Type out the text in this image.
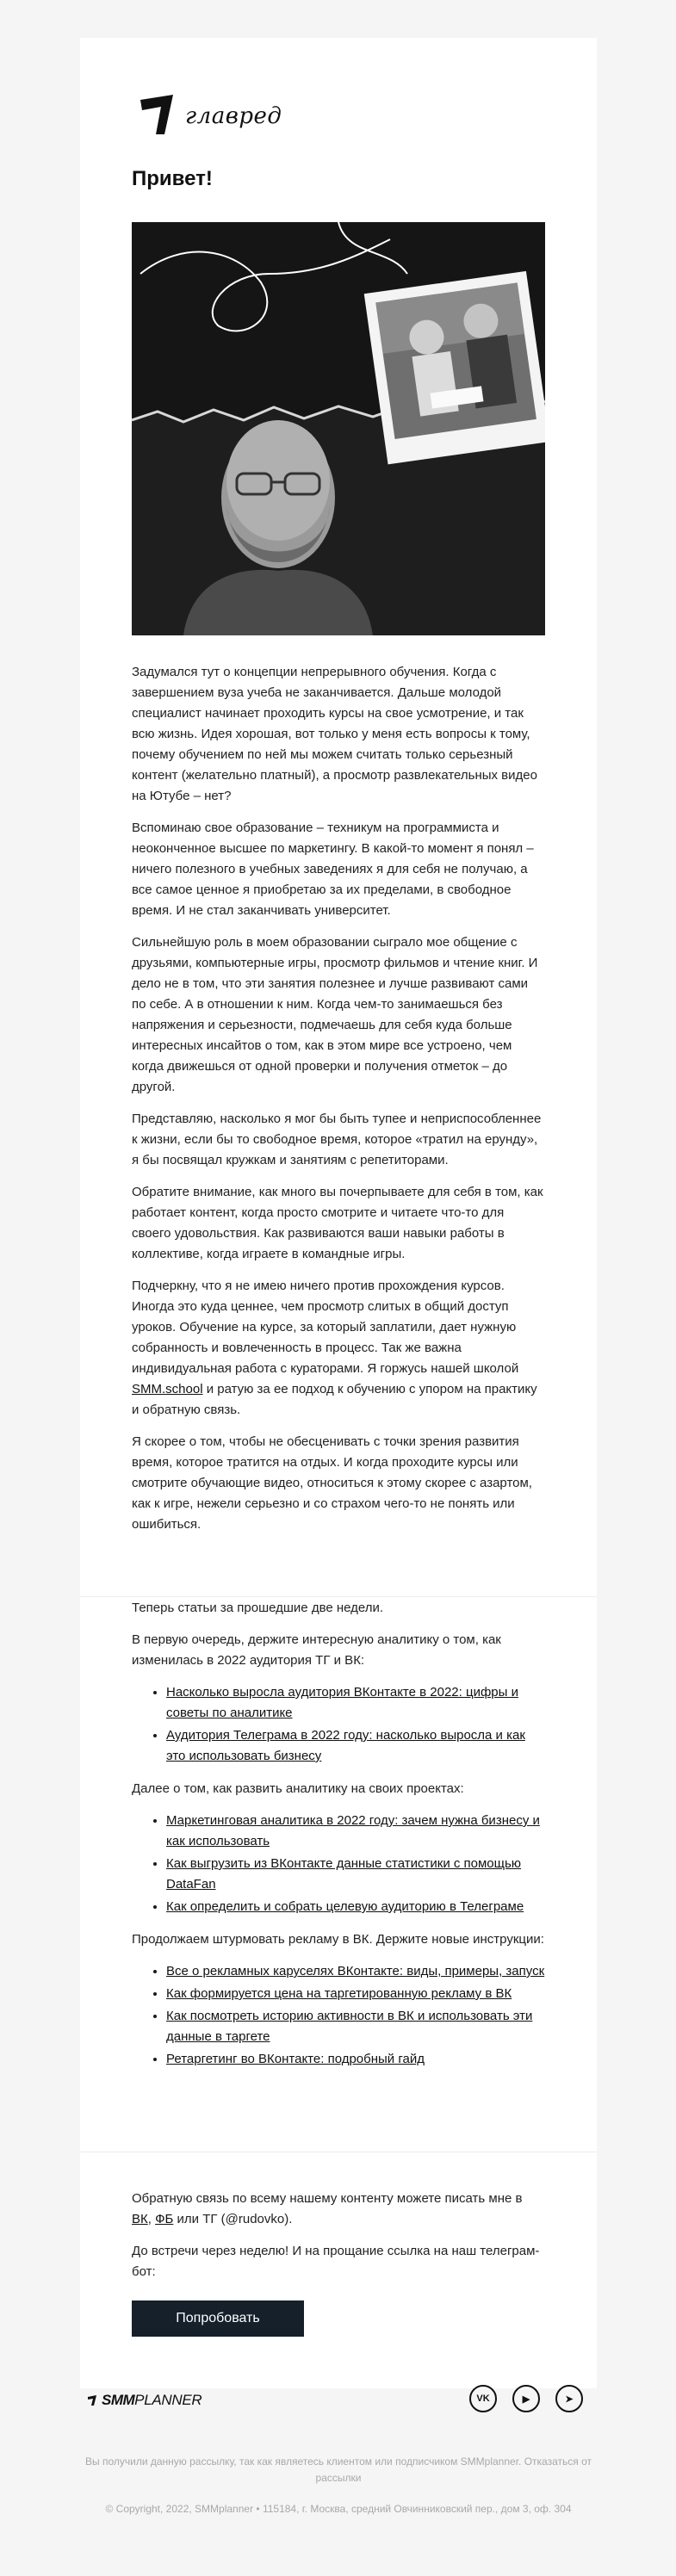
главред
Привет!

Задумался тут о концепции непрерывного обучения. Когда с завершением вуза учеба не заканчивается. Дальше молодой специалист начинает проходить курсы на свое усмотрение, и так всю жизнь. Идея хорошая, вот только у меня есть вопросы к тому, почему обучением по ней мы можем считать только серьезный контент (желательно платный), а просмотр развлекательных видео на Ютубе – нет?

Вспоминаю свое образование – техникум на программиста и неоконченное высшее по маркетингу. В какой-то момент я понял – ничего полезного в учебных заведениях я для себя не получаю, а все самое ценное я приобретаю за их пределами, в свободное время. И не стал заканчивать университет.

Сильнейшую роль в моем образовании сыграло мое общение с друзьями, компьютерные игры, просмотр фильмов и чтение книг. И дело не в том, что эти занятия полезнее и лучше развивают сами по себе. А в отношении к ним. Когда чем-то занимаешься без напряжения и серьезности, подмечаешь для себя куда больше интересных инсайтов о том, как в этом мире все устроено, чем когда движешься от одной проверки и получения отметок – до другой.

Представляю, насколько я мог бы быть тупее и неприспособленнее к жизни, если бы то свободное время, которое «тратил на ерунду», я бы посвящал кружкам и занятиям с репетиторами.

Обратите внимание, как много вы почерпываете для себя в том, как работает контент, когда просто смотрите и читаете что-то для своего удовольствия. Как развиваются ваши навыки работы в коллективе, когда играете в командные игры.

Подчеркну, что я не имею ничего против прохождения курсов. Иногда это куда ценнее, чем просмотр слитых в общий доступ уроков. Обучение на курсе, за который заплатили, дает нужную собранность и вовлеченность в процесс. Так же важна индивидуальная работа с кураторами. Я горжусь нашей школой SMM.school и ратую за ее подход к обучению с упором на практику и обратную связь.

Я скорее о том, чтобы не обесценивать с точки зрения развития время, которое тратится на отдых. И когда проходите курсы или смотрите обучающие видео, относиться к этому скорее с азартом, как к игре, нежели серьезно и со страхом чего-то не понять или ошибиться.

Теперь статьи за прошедшие две недели.

В первую очередь, держите интересную аналитику о том, как изменилась в 2022 аудитория ТГ и ВК:

• Насколько выросла аудитория ВКонтакте в 2022: цифры и советы по аналитике
• Аудитория Телеграма в 2022 году: насколько выросла и как это использовать бизнесу

Далее о том, как развить аналитику на своих проектах:

• Маркетинговая аналитика в 2022 году: зачем нужна бизнесу и как использовать
• Как выгрузить из ВКонтакте данные статистики с помощью DataFan
• Как определить и собрать целевую аудиторию в Телеграме

Продолжаем штурмовать рекламу в ВК. Держите новые инструкции:

• Все о рекламных каруселях ВКонтакте: виды, примеры, запуск
• Как формируется цена на таргетированную рекламу в ВК
• Как посмотреть историю активности в ВК и использовать эти данные в таргете
• Ретаргетинг во ВКонтакте: подробный гайд

Обратную связь по всему нашему контенту можете писать мне в ВК, ФБ или ТГ (@rudovko).

До встречи через неделю! И на прощание ссылка на наш телеграм-бот:

Попробовать
SMM PLANNER	VK	▶	➤
Вы получили данную рассылку, так как являетесь клиентом или подписчиком SMMplanner. Отказаться от рассылки
© Copyright, 2022, SMMplanner • 115184, г. Москва, средний Овчинниковский пер., дом 3, оф. 304
